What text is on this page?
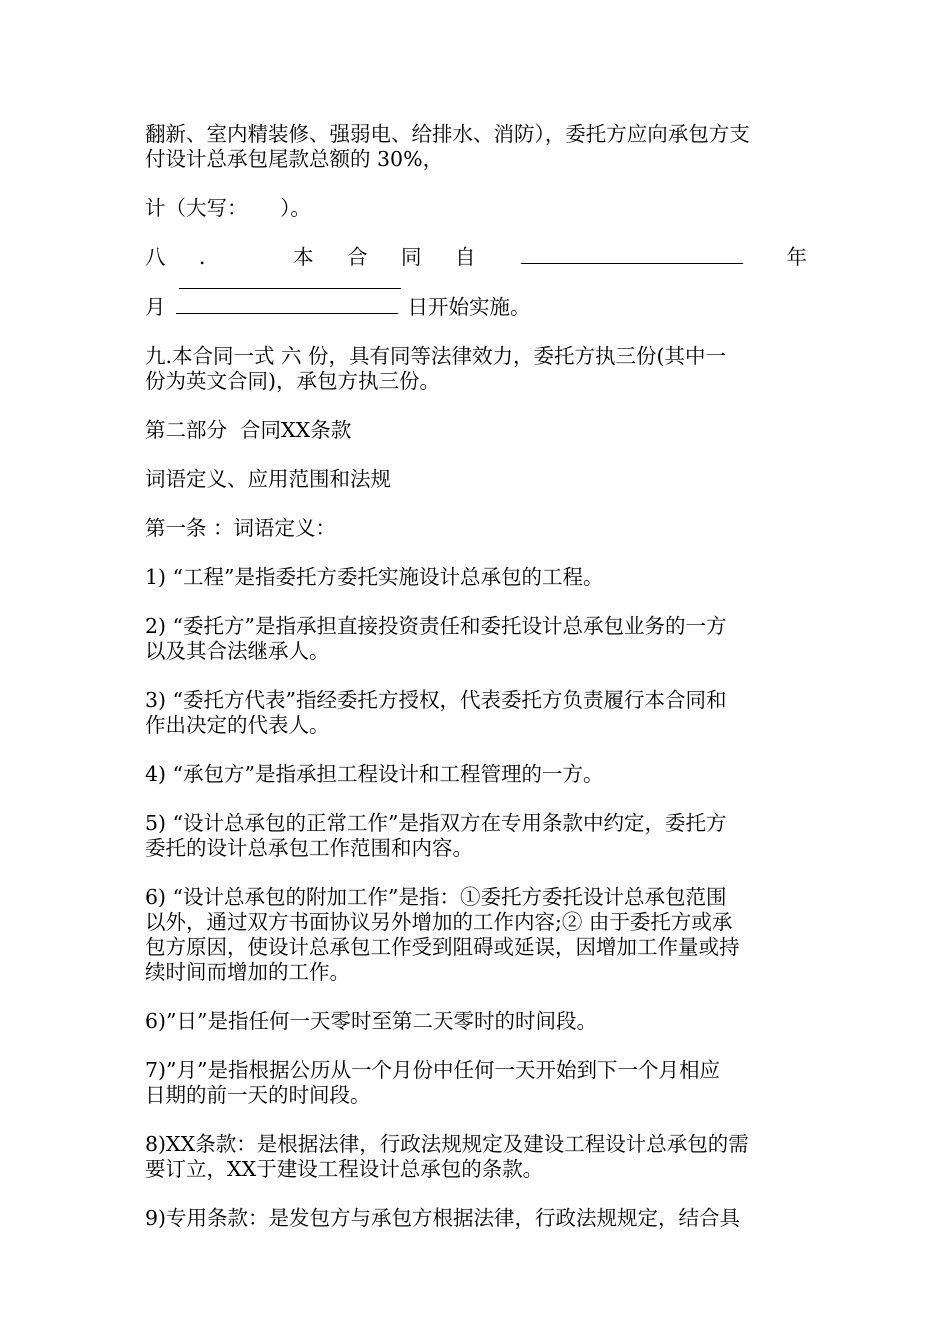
翻新、室内精装修、强弱电、给排水、消防），委托方应向承包方支
付设计总承包尾款总额的 30%，

计（大写：     ）。

八． 本合同自	年
月	日开始实施。

九.本合同一式 六 份，具有同等法律效力，委托方执三份(其中一
份为英文合同)，承包方执三份。

第二部分  合同XX条款

词语定义、应用范围和法规

第一条 ：词语定义：

1) “工程”是指委托方委托实施设计总承包的工程。

2) “委托方”是指承担直接投资责任和委托设计总承包业务的一方
以及其合法继承人。

3) “委托方代表”指经委托方授权，代表委托方负责履行本合同和
作出决定的代表人。

4) “承包方”是指承担工程设计和工程管理的一方。

5) “设计总承包的正常工作”是指双方在专用条款中约定，委托方
委托的设计总承包工作范围和内容。

6) “设计总承包的附加工作”是指：①委托方委托设计总承包范围
以外，通过双方书面协议另外增加的工作内容;② 由于委托方或承
包方原因，使设计总承包工作受到阻碍或延误，因增加工作量或持
续时间而增加的工作。

6)”日”是指任何一天零时至第二天零时的时间段。

7)”月”是指根据公历从一个月份中任何一天开始到下一个月相应
日期的前一天的时间段。

8)XX条款：是根据法律，行政法规规定及建设工程设计总承包的需
要订立，XX于建设工程设计总承包的条款。

9)专用条款：是发包方与承包方根据法律，行政法规规定，结合具
